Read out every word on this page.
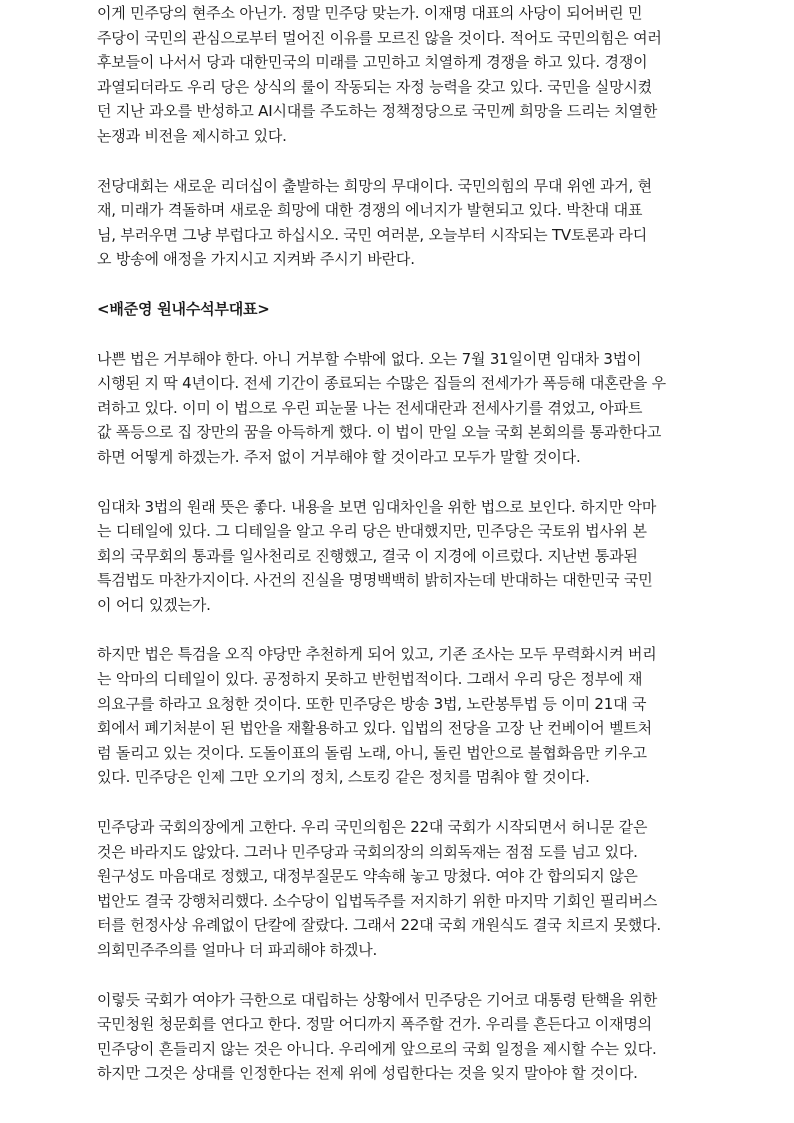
이게 민주당의 현주소 아닌가. 정말 민주당 맞는가. 이재명 대표의 사당이 되어버린 민
주당이 국민의 관심으로부터 멀어진 이유를 모르진 않을 것이다. 적어도 국민의힘은 여러
후보들이 나서서 당과 대한민국의 미래를 고민하고 치열하게 경쟁을 하고 있다. 경쟁이
과열되더라도 우리 당은 상식의 룰이 작동되는 자정 능력을 갖고 있다. 국민을 실망시켰
던 지난 과오를 반성하고 AI시대를 주도하는 정책정당으로 국민께 희망을 드리는 치열한
논쟁과 비전을 제시하고 있다.
전당대회는 새로운 리더십이 출발하는 희망의 무대이다. 국민의힘의 무대 위엔 과거, 현
재, 미래가 격돌하며 새로운 희망에 대한 경쟁의 에너지가 발현되고 있다. 박찬대 대표
님, 부러우면 그냥 부럽다고 하십시오. 국민 여러분, 오늘부터 시작되는 TV토론과 라디
오 방송에 애정을 가지시고 지켜봐 주시기 바란다.
<배준영 원내수석부대표>
나쁜 법은 거부해야 한다. 아니 거부할 수밖에 없다. 오는 7월 31일이면 임대차 3법이
시행된 지 딱 4년이다. 전세 기간이 종료되는 수많은 집들의 전세가가 폭등해 대혼란을 우
려하고 있다. 이미 이 법으로 우린 피눈물 나는 전세대란과 전세사기를 겪었고, 아파트
값 폭등으로 집 장만의 꿈을 아득하게 했다. 이 법이 만일 오늘 국회 본회의를 통과한다고
하면 어떻게 하겠는가. 주저 없이 거부해야 할 것이라고 모두가 말할 것이다.
임대차 3법의 원래 뜻은 좋다. 내용을 보면 임대차인을 위한 법으로 보인다. 하지만 악마
는 디테일에 있다. 그 디테일을 알고 우리 당은 반대했지만, 민주당은 국토위 법사위 본
회의 국무회의 통과를 일사천리로 진행했고, 결국 이 지경에 이르렀다. 지난번 통과된
특검법도 마찬가지이다. 사건의 진실을 명명백백히 밝히자는데 반대하는 대한민국 국민
이 어디 있겠는가.
하지만 법은 특검을 오직 야당만 추천하게 되어 있고, 기존 조사는 모두 무력화시켜 버리
는 악마의 디테일이 있다. 공정하지 못하고 반헌법적이다. 그래서 우리 당은 정부에 재
의요구를 하라고 요청한 것이다. 또한 민주당은 방송 3법, 노란봉투법 등 이미 21대 국
회에서 폐기처분이 된 법안을 재활용하고 있다. 입법의 전당을 고장 난 컨베이어 벨트처
럼 돌리고 있는 것이다. 도돌이표의 돌림 노래, 아니, 돌린 법안으로 불협화음만 키우고
있다. 민주당은 인제 그만 오기의 정치, 스토킹 같은 정치를 멈춰야 할 것이다.
민주당과 국회의장에게 고한다. 우리 국민의힘은 22대 국회가 시작되면서 허니문 같은
것은 바라지도 않았다. 그러나 민주당과 국회의장의 의회독재는 점점 도를 넘고 있다.
원구성도 마음대로 정했고, 대정부질문도 약속해 놓고 망쳤다. 여야 간 합의되지 않은
법안도 결국 강행처리했다. 소수당이 입법독주를 저지하기 위한 마지막 기회인 필리버스
터를 헌정사상 유례없이 단칼에 잘랐다. 그래서 22대 국회 개원식도 결국 치르지 못했다.
의회민주주의를 얼마나 더 파괴해야 하겠나.
이렇듯 국회가 여야가 극한으로 대립하는 상황에서 민주당은 기어코 대통령 탄핵을 위한
국민청원 청문회를 연다고 한다. 정말 어디까지 폭주할 건가. 우리를 흔든다고 이재명의
민주당이 흔들리지 않는 것은 아니다. 우리에게 앞으로의 국회 일정을 제시할 수는 있다.
하지만 그것은 상대를 인정한다는 전제 위에 성립한다는 것을 잊지 말아야 할 것이다.
